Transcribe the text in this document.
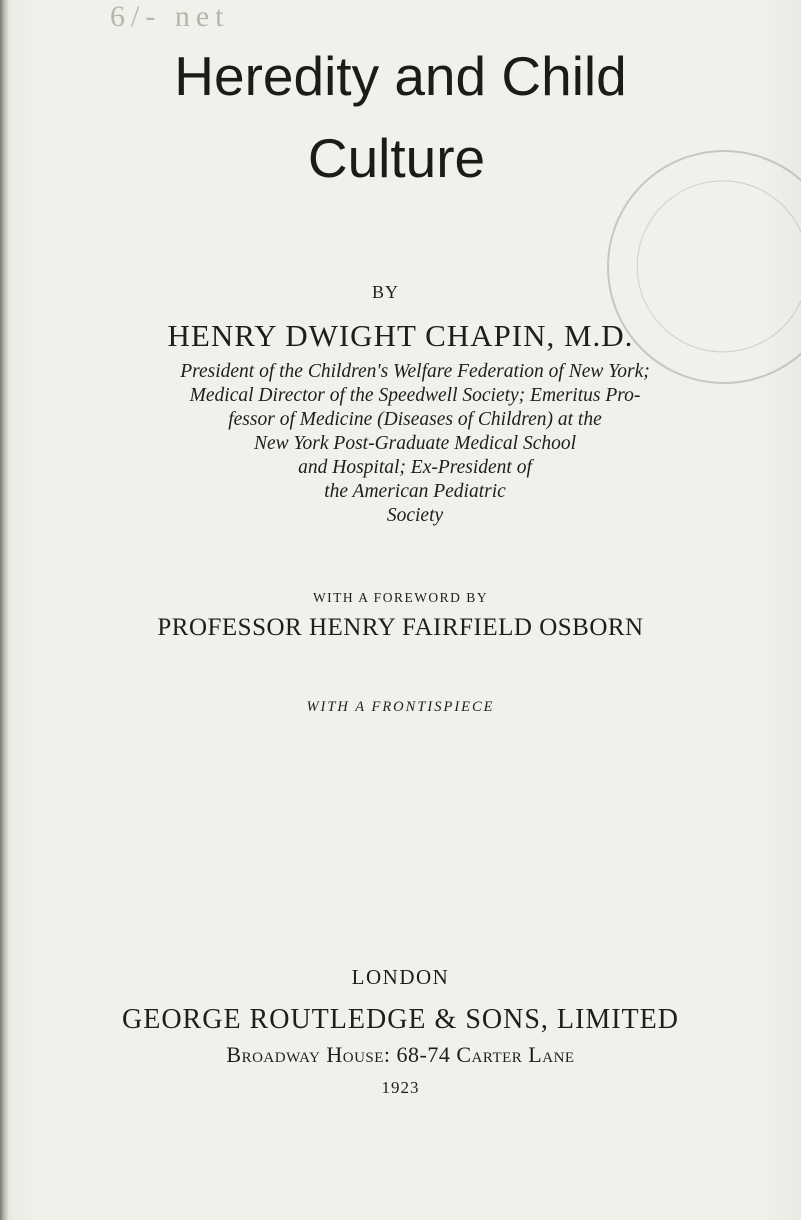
6/- net
Heredity and Child
Culture
BY
HENRY DWIGHT CHAPIN, M.D.
President of the Children's Welfare Federation of New York;
Medical Director of the Speedwell Society; Emeritus Pro-
fessor of Medicine (Diseases of Children) at the
New York Post-Graduate Medical School
and Hospital; Ex-President of
the American Pediatric
Society
WITH A FOREWORD BY
PROFESSOR HENRY FAIRFIELD OSBORN
WITH A FRONTISPIECE
LONDON
GEORGE ROUTLEDGE & SONS, LIMITED
Broadway House: 68-74 Carter Lane
1923
